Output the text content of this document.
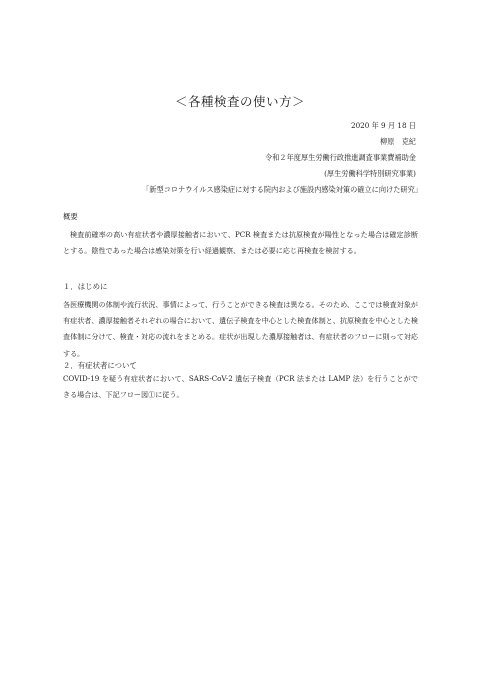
＜各種検査の使い方＞
2020 年 9 月 18 日
柳原　克紀
令和２年度厚生労働行政推進調査事業費補助金
(厚生労働科学特別研究事業)
「新型コロナウイルス感染症に対する院内および施設内感染対策の確立に向けた研究」
概要
検査前確率の高い有症状者や濃厚接触者において、PCR 検査または抗原検査が陽性となった場合は確定診断とする。陰性であった場合は感染対策を行い経過観察、または必要に応じ再検査を検討する。
１．はじめに
各医療機関の体制や流行状況、事情によって、行うことができる検査は異なる。そのため、ここでは検査対象が有症状者、濃厚接触者それぞれの場合において、遺伝子検査を中心とした検査体制と、抗原検査を中心とした検査体制に分けて、検査・対応の流れをまとめる。症状が出現した濃厚接触者は、有症状者のフローに則って対応する。
２．有症状者について
COVID-19 を疑う有症状者において、SARS-CoV-2 遺伝子検査（PCR 法または LAMP 法）を行うことができる場合は、下記フロー図①に従う。
